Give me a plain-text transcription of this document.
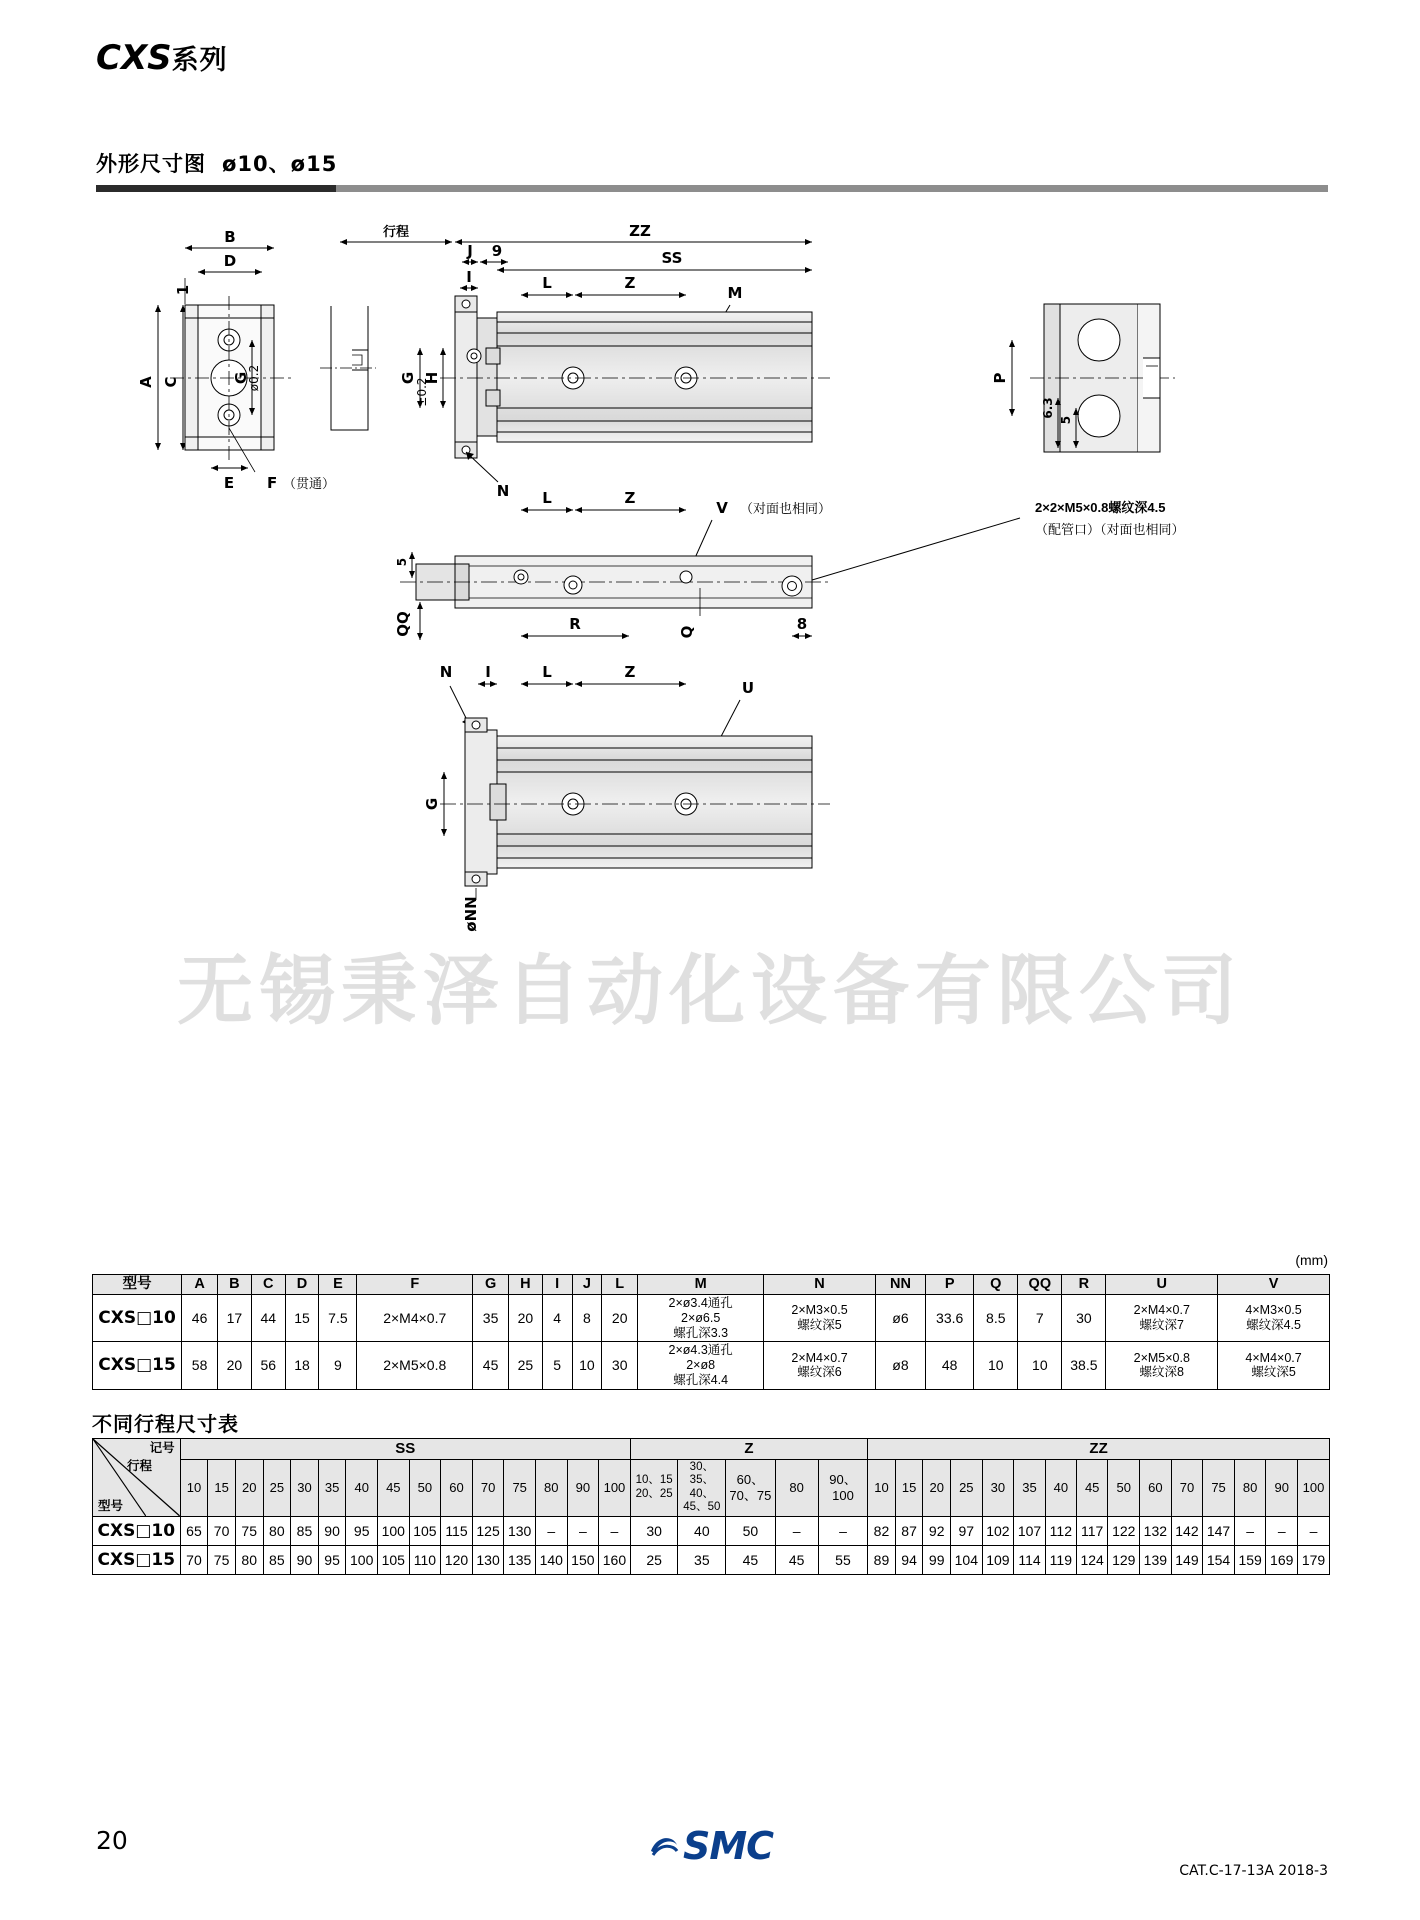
CXS系列
外形尺寸图 ø10、ø15
A C
B
D
1
G
ø0.2
E F （贯通）
行程	ZZ
SS
J 9
I	L	Z
M
G
±0.2
H
N
P
6.3
5
L	Z
V （对面也相同）	2×2×M5×0.8螺纹深4.5
（配管口）（对面也相同）
5
QQ	R	Q	8
I
N	L	Z
U
G
øNN
无锡秉泽自动化设备有限公司
(mm)
型号	A	B	C	D	E	F	G	H	I	J	L	M	N	NN	P	Q	QQ	R	U	V
CXS□10	46	17	44	15	7.5	2×M4×0.7	35	20	4	8	20	2×ø3.4通孔
2×ø6.5
螺孔深3.3	2×M3×0.5
螺纹深5	ø6	33.6	8.5	7	30	2×M4×0.7
螺纹深7	4×M3×0.5
螺纹深4.5
CXS□15	58	20	56	18	9	2×M5×0.8	45	25	5	10	30	2×ø4.3通孔
2×ø8
螺孔深4.4	2×M4×0.7
螺纹深6	ø8	48	10	10	38.5	2×M5×0.8
螺纹深8	4×M4×0.7
螺纹深5
不同行程尺寸表
记号
型号
行程	SS															Z					ZZ														
	10	15	20	25	30	35	40	45	50	60	70	75	80	90	100	10、15
20、25	30、35、
40、45、50	60、70、75	80	90、100	10	15	20	25	30	35	40	45	50	60	70	75	80	90	100
CXS□10	65	70	75	80	85	90	95	100	105	115	125	130	–	–	–	30	40	50	–	–	82	87	92	97	102	107	112	117	122	132	142	147	–	–	–
CXS□15	70	75	80	85	90	95	100	105	110	120	130	135	140	150	160	25	35	45	45	55	89	94	99	104	109	114	119	124	129	139	149	154	159	169	179
20	SMC
CAT.C-17-13A 2018-3
